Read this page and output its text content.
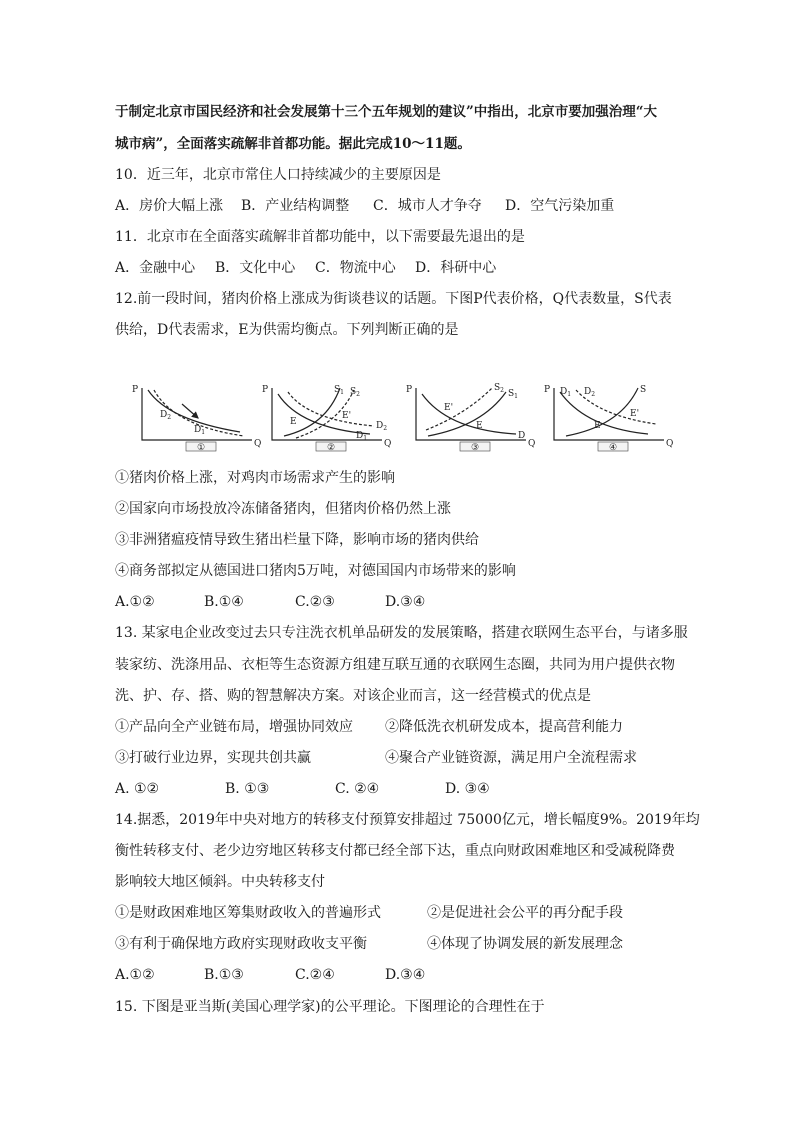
于制定北京市国民经济和社会发展第十三个五年规划的建议”中指出，北京市要加强治理“大
城市病”，全面落实疏解非首都功能。据此完成10～11题。
10．近三年，北京市常住人口持续减少的主要原因是
A．房价大幅上涨 B．产业结构调整 C．城市人才争夺 D．空气污染加重
11．北京市在全面落实疏解非首都功能中，以下需要最先退出的是
A．金融中心 B．文化中心 C．物流中心 D．科研中心
12.前一段时间，猪肉价格上涨成为街谈巷议的话题。下图P代表价格，Q代表数量，S代表
供给，D代表需求，E为供需均衡点。下列判断正确的是
P
Q
$D_2$
$D_1$
①
P
Q
$S_1$ $S_2$
E
E'
$D_2$
$D_1$
②
P
Q
$S_2$ $S_1$
E'
E
D
③
P
Q
$D_1$ $D_2$	S
E'
E
④
①猪肉价格上涨，对鸡肉市场需求产生的影响
②国家向市场投放冷冻储备猪肉，但猪肉价格仍然上涨
③非洲猪瘟疫情导致生猪出栏量下降，影响市场的猪肉供给
④商务部拟定从德国进口猪肉5万吨，对德国国内市场带来的影响
A.①②	B.①④	C.②③	D.③④
13. 某家电企业改变过去只专注洗衣机单品研发的发展策略，搭建衣联网生态平台，与诸多服
装家纺、洗涤用品、衣柜等生态资源方组建互联互通的衣联网生态圈，共同为用户提供衣物
洗、护、存、搭、购的智慧解决方案。对该企业而言，这一经营模式的优点是
①产品向全产业链布局，增强协同效应 ②降低洗衣机研发成本，提高营利能力
③打破行业边界，实现共创共赢	④聚合产业链资源，满足用户全流程需求
A. ①②	B. ①③	C. ②④	D. ③④
14.据悉，2019年中央对地方的转移支付预算安排超过 75000亿元，增长幅度9%。2019年均
衡性转移支付、老少边穷地区转移支付都已经全部下达，重点向财政困难地区和受减税降费
影响较大地区倾斜。中央转移支付
①是财政困难地区筹集财政收入的普遍形式	②是促进社会公平的再分配手段
③有利于确保地方政府实现财政收支平衡	④体现了协调发展的新发展理念
A.①②	B.①③	C.②④	D.③④
15. 下图是亚当斯(美国心理学家)的公平理论。下图理论的合理性在于
